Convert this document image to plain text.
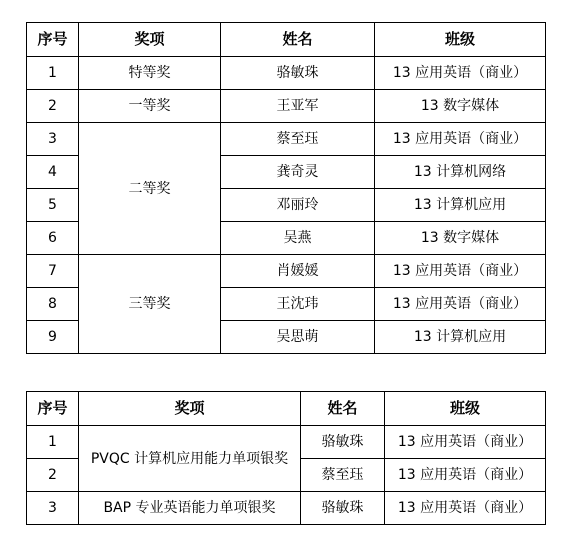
序号	奖项	姓名	班级
1	特等奖	骆敏珠	13 应用英语（商业）
2	一等奖	王亚军	13 数字媒体
3	二等奖	蔡至珏	13 应用英语（商业）
4		龚奇灵	13 计算机网络
5		邓丽玲	13 计算机应用
6		吴燕	13 数字媒体
7	三等奖	肖媛媛	13 应用英语（商业）
8		王沈玮	13 应用英语（商业）
9		吴思萌	13 计算机应用
序号	奖项	姓名	班级
1	PVQC 计算机应用能力单项银奖	骆敏珠	13 应用英语（商业）
2		蔡至珏	13 应用英语（商业）
3	BAP 专业英语能力单项银奖	骆敏珠	13 应用英语（商业）
